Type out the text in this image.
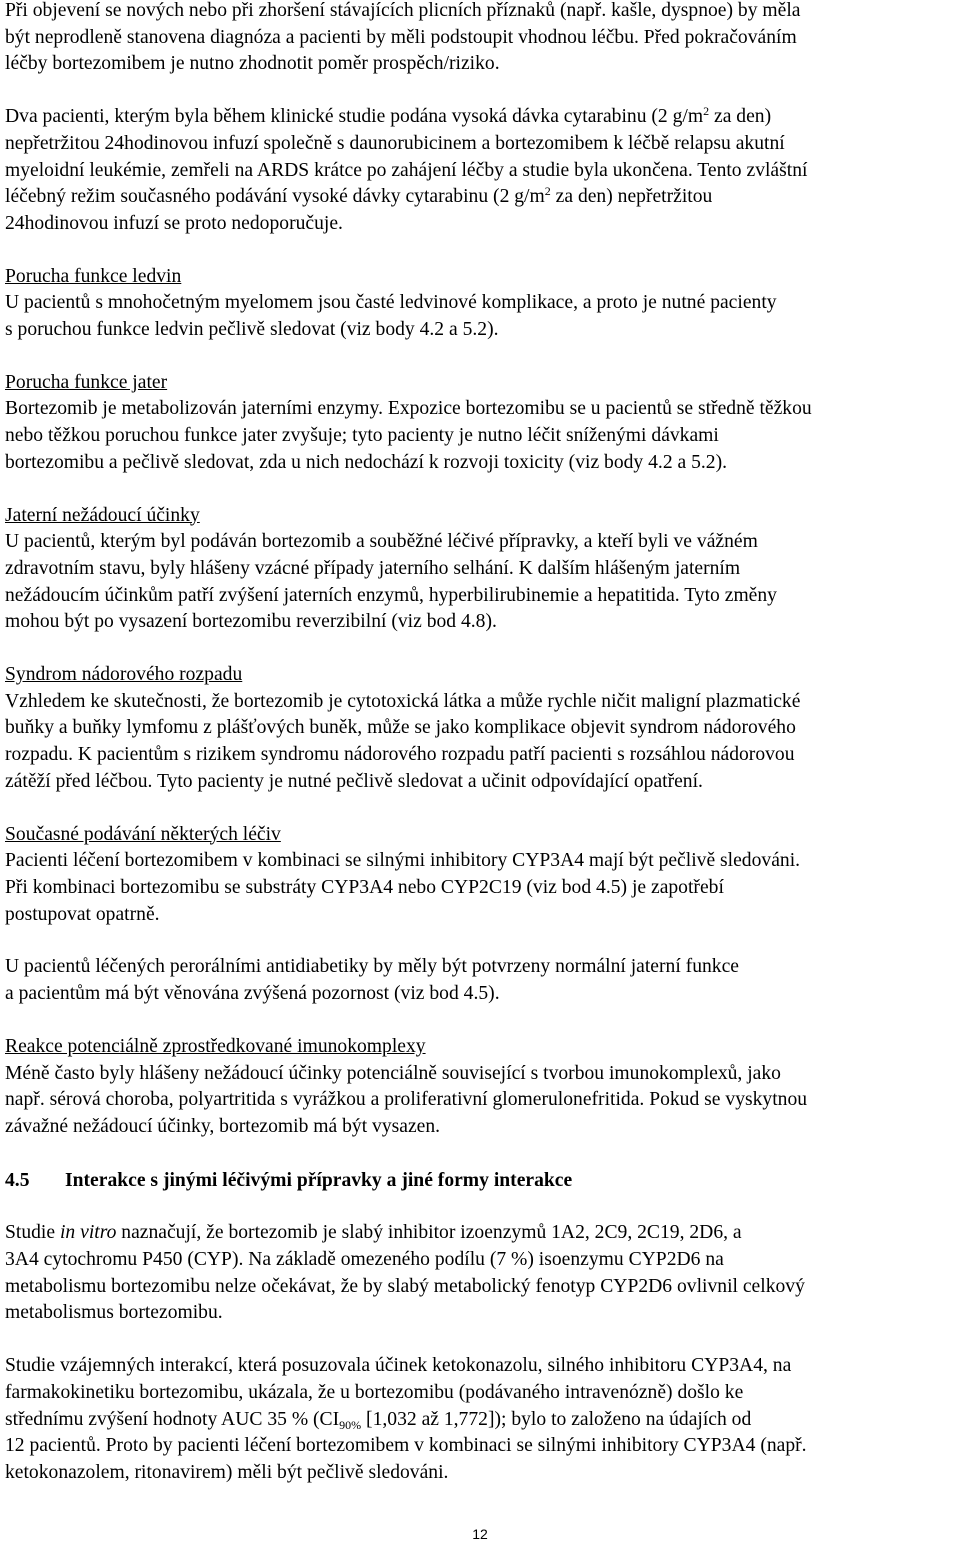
Při objevení se nových nebo při zhoršení stávajících plicních příznaků (např. kašle, dyspnoe) by měla
být neprodleně stanovena diagnóza a pacienti by měli podstoupit vhodnou léčbu. Před pokračováním
léčby bortezomibem je nutno zhodnotit poměr prospěch/riziko.

Dva pacienti, kterým byla během klinické studie podána vysoká dávka cytarabinu (2 $g/m^2$ za den)
nepřetržitou 24hodinovou infuzí společně s daunorubicinem a bortezomibem k léčbě relapsu akutní
myeloidní leukémie, zemřeli na ARDS krátce po zahájení léčby a studie byla ukončena. Tento zvláštní
léčebný režim současného podávání vysoké dávky cytarabinu (2 $g/m^2$ za den) nepřetržitou
24hodinovou infuzí se proto nedoporučuje.

Porucha funkce ledvin
U pacientů s mnohočetným myelomem jsou časté ledvinové komplikace, a proto je nutné pacienty
s poruchou funkce ledvin pečlivě sledovat (viz body 4.2 a 5.2).

Porucha funkce jater
Bortezomib je metabolizován jaterními enzymy. Expozice bortezomibu se u pacientů se středně těžkou
nebo těžkou poruchou funkce jater zvyšuje; tyto pacienty je nutno léčit sníženými dávkami
bortezomibu a pečlivě sledovat, zda u nich nedochází k rozvoji toxicity (viz body 4.2 a 5.2).

Jaterní nežádoucí účinky
U pacientů, kterým byl podáván bortezomib a souběžné léčivé přípravky, a kteří byli ve vážném
zdravotním stavu, byly hlášeny vzácné případy jaterního selhání. K dalším hlášeným jaterním
nežádoucím účinkům patří zvýšení jaterních enzymů, hyperbilirubinemie a hepatitida. Tyto změny
mohou být po vysazení bortezomibu reverzibilní (viz bod 4.8).

Syndrom nádorového rozpadu
Vzhledem ke skutečnosti, že bortezomib je cytotoxická látka a může rychle ničit maligní plazmatické
buňky a buňky lymfomu z plášťových buněk, může se jako komplikace objevit syndrom nádorového
rozpadu. K pacientům s rizikem syndromu nádorového rozpadu patří pacienti s rozsáhlou nádorovou
zátěží před léčbou. Tyto pacienty je nutné pečlivě sledovat a učinit odpovídající opatření.

Současné podávání některých léčiv
Pacienti léčení bortezomibem v kombinaci se silnými inhibitory CYP3A4 mají být pečlivě sledováni.
Při kombinaci bortezomibu se substráty CYP3A4 nebo CYP2C19 (viz bod 4.5) je zapotřebí
postupovat opatrně.

U pacientů léčených perorálními antidiabetiky by měly být potvrzeny normální jaterní funkce
a pacientům má být věnována zvýšená pozornost (viz bod 4.5).

Reakce potenciálně zprostředkované imunokomplexy
Méně často byly hlášeny nežádoucí účinky potenciálně související s tvorbou imunokomplexů, jako
např. sérová choroba, polyartritida s vyrážkou a proliferativní glomerulonefritida. Pokud se vyskytnou
závažné nežádoucí účinky, bortezomib má být vysazen.

4.5 Interakce s jinými léčivými přípravky a jiné formy interakce

Studie in vitro naznačují, že bortezomib je slabý inhibitor izoenzymů 1A2, 2C9, 2C19, 2D6, a
3A4 cytochromu P450 (CYP). Na základě omezeného podílu (7 %) isoenzymu CYP2D6 na
metabolismu bortezomibu nelze očekávat, že by slabý metabolický fenotyp CYP2D6 ovlivnil celkový
metabolismus bortezomibu.

Studie vzájemných interakcí, která posuzovala účinek ketokonazolu, silného inhibitoru CYP3A4, na
farmakokinetiku bortezomibu, ukázala, že u bortezomibu (podávaného intravenózně) došlo ke
střednímu zvýšení hodnoty AUC 35 % ($CI_{90\%}$ [1,032 až 1,772]); bylo to založeno na údajích od
12 pacientů. Proto by pacienti léčení bortezomibem v kombinaci se silnými inhibitory CYP3A4 (např.
ketokonazolem, ritonavirem) měli být pečlivě sledováni.

12
